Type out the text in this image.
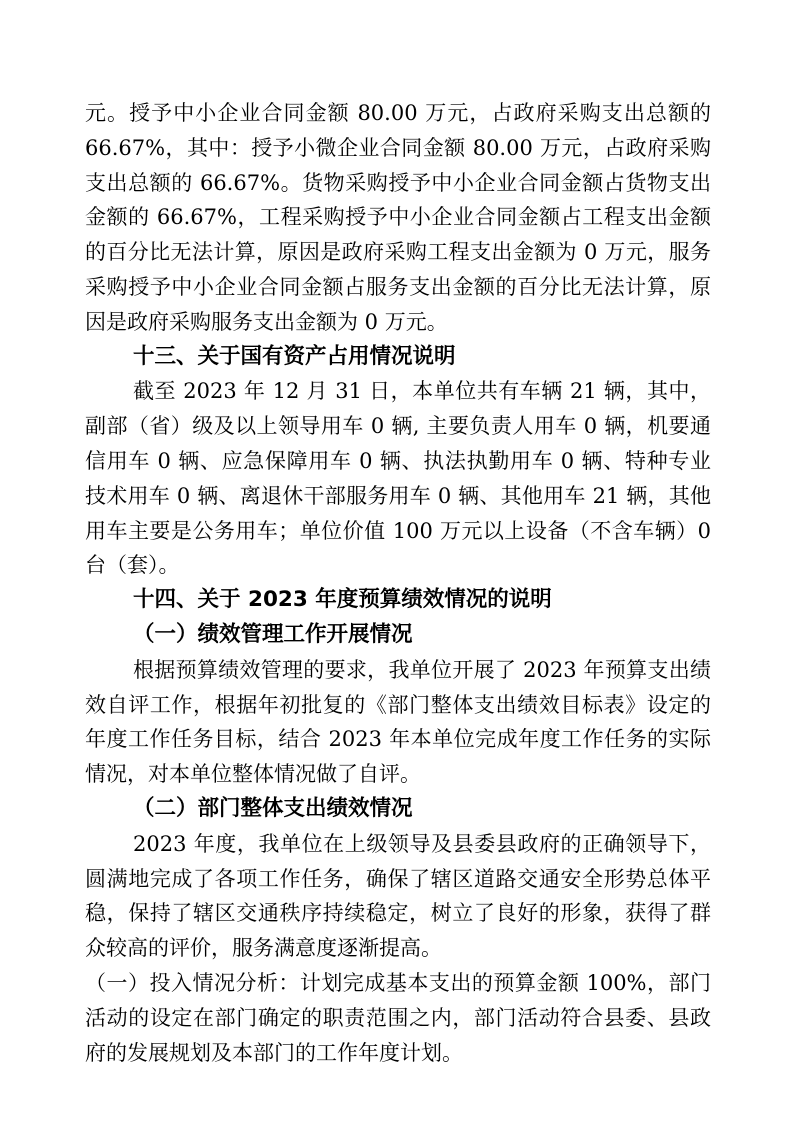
元。授予中小企业合同金额 80.00 万元，占政府采购支出总额的 66.67%，其中：授予小微企业合同金额 80.00 万元，占政府采购支出总额的 66.67%。货物采购授予中小企业合同金额占货物支出金额的 66.67%，工程采购授予中小企业合同金额占工程支出金额的百分比无法计算，原因是政府采购工程支出金额为 0 万元，服务采购授予中小企业合同金额占服务支出金额的百分比无法计算，原因是政府采购服务支出金额为 0 万元。

十三、关于国有资产占用情况说明

截至 2023 年 12 月 31 日，本单位共有车辆 21 辆，其中，副部（省）级及以上领导用车 0 辆, 主要负责人用车 0 辆，机要通信用车 0 辆、应急保障用车 0 辆、执法执勤用车 0 辆、特种专业技术用车 0 辆、离退休干部服务用车 0 辆、其他用车 21 辆，其他用车主要是公务用车；单位价值 100 万元以上设备（不含车辆）0 台（套）。

十四、关于 2023 年度预算绩效情况的说明
（一）绩效管理工作开展情况

根据预算绩效管理的要求，我单位开展了 2023 年预算支出绩效自评工作，根据年初批复的《部门整体支出绩效目标表》设定的年度工作任务目标，结合 2023 年本单位完成年度工作任务的实际情况，对本单位整体情况做了自评。

（二）部门整体支出绩效情况

2023 年度，我单位在上级领导及县委县政府的正确领导下，圆满地完成了各项工作任务，确保了辖区道路交通安全形势总体平稳，保持了辖区交通秩序持续稳定，树立了良好的形象，获得了群众较高的评价，服务满意度逐渐提高。

（一）投入情况分析：计划完成基本支出的预算金额 100%，部门活动的设定在部门确定的职责范围之内，部门活动符合县委、县政府的发展规划及本部门的工作年度计划。
